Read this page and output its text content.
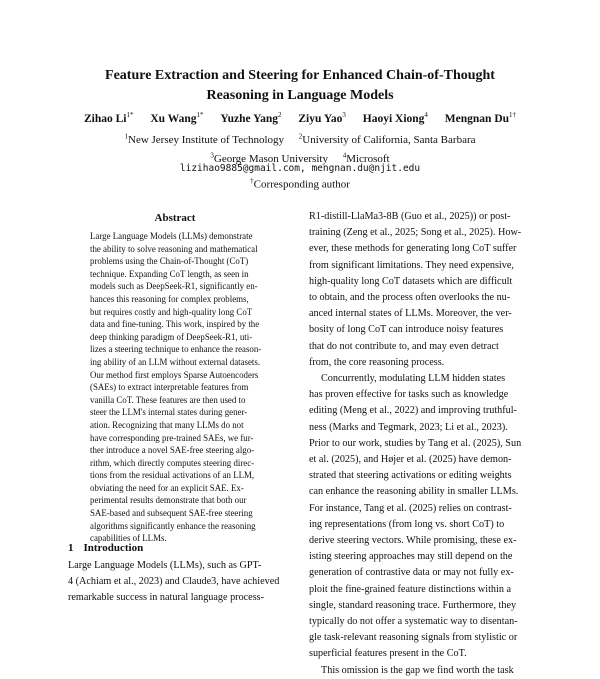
Feature Extraction and Steering for Enhanced Chain-of-Thought
Reasoning in Language Models
Zihao $Li^{1*}$ Xu Wang$^{1*}$ Yuzhe Yang$^2$ Ziyu Yao$^3$ Haoyi Xiong$^4$ Mengnan $Du^{1\dagger}$
$^1$New Jersey Institute of Technology $^2$University of California, Santa Barbara
$^3$George Mason University $^4$Microsoft
lizihao9885@gmail.com, mengnan.du@njit.edu
†Corresponding author
Abstract
Large Language Models (LLMs) demonstrate
the ability to solve reasoning and mathematical
problems using the Chain-of-Thought (CoT)
technique. Expanding CoT length, as seen in
models such as DeepSeek-R1, significantly en-
hances this reasoning for complex problems,
but requires costly and high-quality long CoT
data and fine-tuning. This work, inspired by the
deep thinking paradigm of DeepSeek-R1, uti-
lizes a steering technique to enhance the reason-
ing ability of an LLM without external datasets.
Our method first employs Sparse Autoencoders
(SAEs) to extract interpretable features from
vanilla CoT. These features are then used to
steer the LLM's internal states during gener-
ation. Recognizing that many LLMs do not
have corresponding pre-trained SAEs, we fur-
ther introduce a novel SAE-free steering algo-
rithm, which directly computes steering direc-
tions from the residual activations of an LLM,
obviating the need for an explicit SAE. Ex-
perimental results demonstrate that both our
SAE-based and subsequent SAE-free steering
algorithms significantly enhance the reasoning
capabilities of LLMs.
1 Introduction
Large Language Models (LLMs), such as GPT-
4 (Achiam et al., 2023) and Claude3, have achieved
remarkable success in natural language process-
R1-distill-LlaMa3-8B (Guo et al., 2025)) or post-
training (Zeng et al., 2025; Song et al., 2025). How-
ever, these methods for generating long CoT suffer
from significant limitations. They need expensive,
high-quality long CoT datasets which are difficult
to obtain, and the process often overlooks the nu-
anced internal states of LLMs. Moreover, the ver-
bosity of long CoT can introduce noisy features
that do not contribute to, and may even detract
from, the core reasoning process.
Concurrently, modulating LLM hidden states
has proven effective for tasks such as knowledge
editing (Meng et al., 2022) and improving truthful-
ness (Marks and Tegmark, 2023; Li et al., 2023).
Prior to our work, studies by Tang et al. (2025), Sun
et al. (2025), and Højer et al. (2025) have demon-
strated that steering activations or editing weights
can enhance the reasoning ability in smaller LLMs.
For instance, Tang et al. (2025) relies on contrast-
ing representations (from long vs. short CoT) to
derive steering vectors. While promising, these ex-
isting steering approaches may still depend on the
generation of contrastive data or may not fully ex-
ploit the fine-grained feature distinctions within a
single, standard reasoning trace. Furthermore, they
typically do not offer a systematic way to disentan-
gle task-relevant reasoning signals from stylistic or
superficial features present in the CoT.
This omission is the gap we find worth the task
